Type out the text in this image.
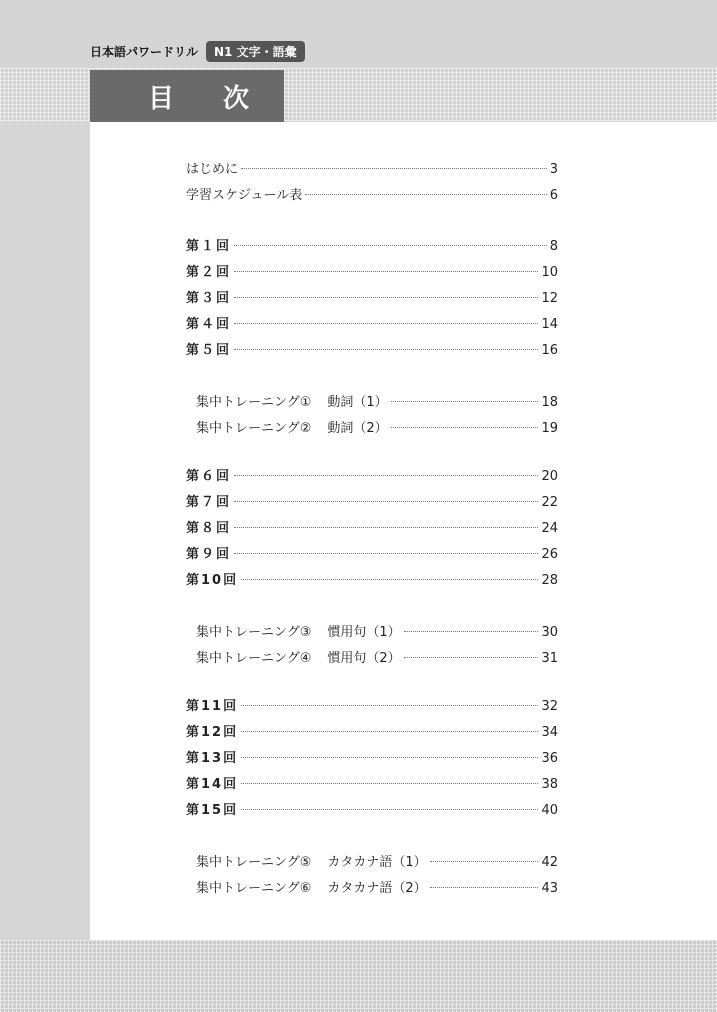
日本語パワードリル	N1 文字・語彙
目 次
はじめに	3
学習スケジュール表	6
第１回	8
第２回	10
第３回	12
第４回	14
第５回	16
集中トレーニング① 動詞（1）	18
集中トレーニング② 動詞（2）	19
第６回	20
第７回	22
第８回	24
第９回	26
第10回	28
集中トレーニング③ 慣用句（1）	30
集中トレーニング④ 慣用句（2）	31
第11回	32
第12回	34
第13回	36
第14回	38
第15回	40
集中トレーニング⑤ カタカナ語（1）	42
集中トレーニング⑥ カタカナ語（2）	43
